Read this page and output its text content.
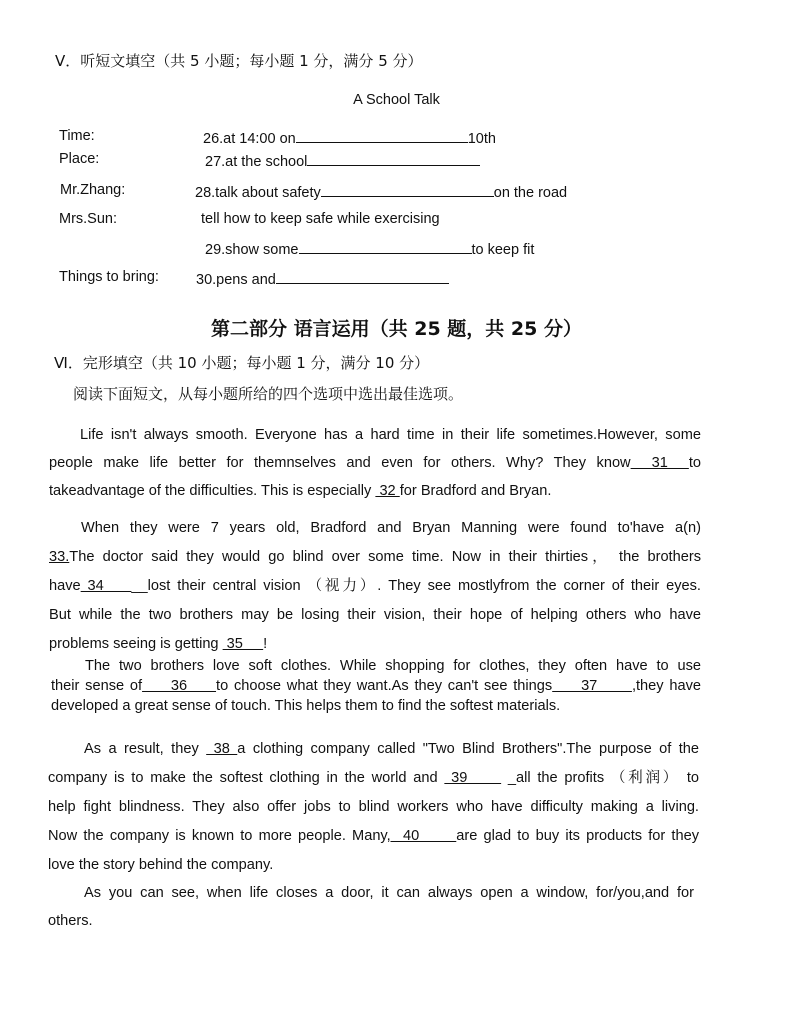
Ⅴ．听短文填空（共 5 小题；每小题 1 分，满分 5 分）
A School Talk
Time:	26.at 14:00 on	10th
Place:	27.at the school
Mr.Zhang:	28.talk about safety	on the road
Mrs.Sun:	tell how to keep safe while exercising
29.show some	to keep fit
Things to bring:	30.pens and
第二部分 语言运用（共 25 题，共 25 分）
Ⅵ．完形填空（共 10 小题；每小题 1 分，满分 10 分）
阅读下面短文，从每小题所给的四个选项中选出最佳选项。
Life isn't always smooth. Everyone has a hard time in their life sometimes.However, some
people make life better for themnselves and even for others. Why? They know  31  to
takeadvantage of the difficulties. This is especially  32 for Bradford and Bryan.
When they were 7 years old, Bradford and Bryan Manning were found to'have a(n)
33.The doctor said they would go blind over some time. Now in their thirties， the brothers
have 34    __lost their central vision （视力）. They see mostlyfrom the corner of their eyes.
But while the two brothers may be losing their vision, their hope of helping others who have
problems seeing is getting  35     !
The two brothers love soft clothes. While shopping for clothes, they often have to use
their sense of     36     to choose what they want.As they can't see things     37      ,they have
developed a great sense of touch. This helps them to find the softest materials.
As a result, they  38 a clothing company called "Two Blind Brothers".The purpose of the
company is to make the softest clothing in the world and  39      _all the profits （利润） to
help fight blindness. They also offer jobs to blind workers who have difficulty making a living.
Now the company is known to more people. Many,  40      are glad to buy its products for they
love the story behind the company.
As you can see, when life closes a door, it can always open a window, for/you,and for
others.
